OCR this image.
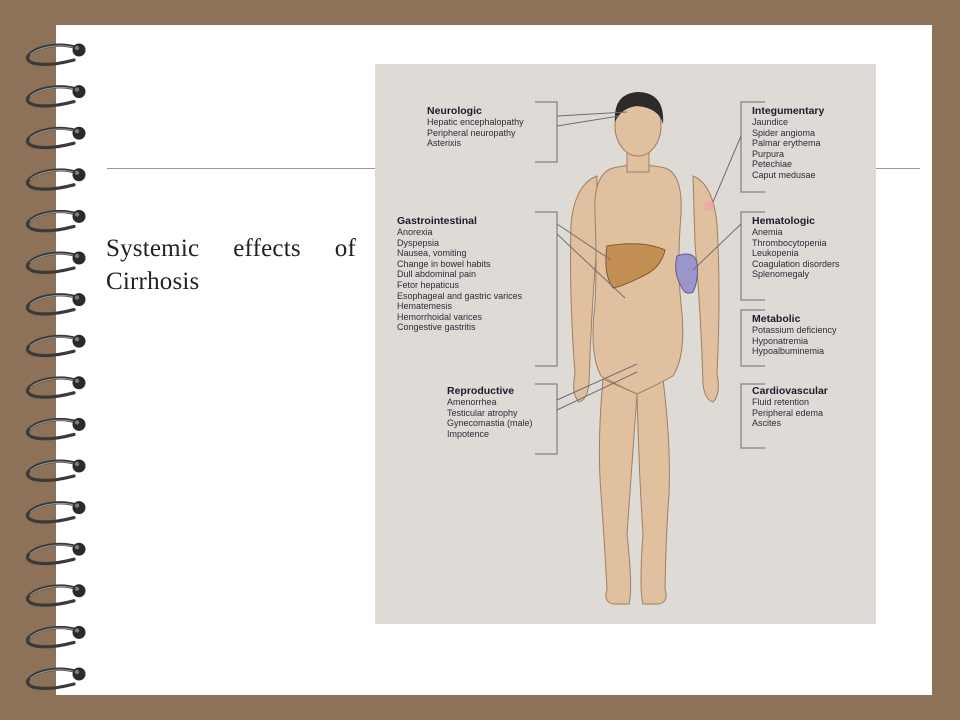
Systemic effects of Cirrhosis
Neurologic
Hepatic encephalopathy
Peripheral neuropathy
Asterixis
Gastrointestinal
Anorexia
Dyspepsia
Nausea, vomiting
Change in bowel habits
Dull abdominal pain
Fetor hepaticus
Esophageal and gastric varices
Hematemesis
Hemorrhoidal varices
Congestive gastritis
Reproductive
Amenorrhea
Testicular atrophy
Gynecomastia (male)
Impotence
Integumentary
Jaundice
Spider angioma
Palmar erythema
Purpura
Petechiae
Caput medusae
Hematologic
Anemia
Thrombocytopenia
Leukopenia
Coagulation disorders
Splenomegaly
Metabolic
Potassium deficiency
Hyponatremia
Hypoalbuminemia
Cardiovascular
Fluid retention
Peripheral edema
Ascites
